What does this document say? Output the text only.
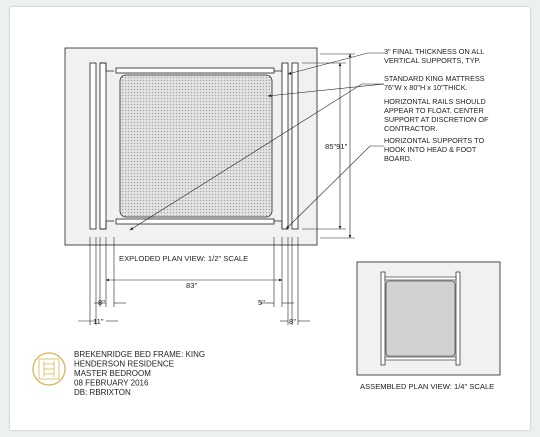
85"91"
3" FINAL THICKNESS ON ALL VERTICAL SUPPORTS, TYP.
STANDARD KING MATTRESS 76"W x 80"H x 10"THICK.
HORIZONTAL RAILS SHOULD APPEAR TO FLOAT. CENTER SUPPORT AT DISCRETION OF CONTRACTOR.
HORIZONTAL SUPPORTS TO HOOK INTO HEAD & FOOT BOARD.
EXPLODED PLAN VIEW: 1/2" SCALE
83"
8"
11"
5"
8"
BREKENRIDGE BED FRAME: KING HENDERSON RESIDENCE MASTER BEDROOM 08 FEBRUARY 2016 DB: RBRIXTON
ASSEMBLED PLAN VIEW: 1/4" SCALE
